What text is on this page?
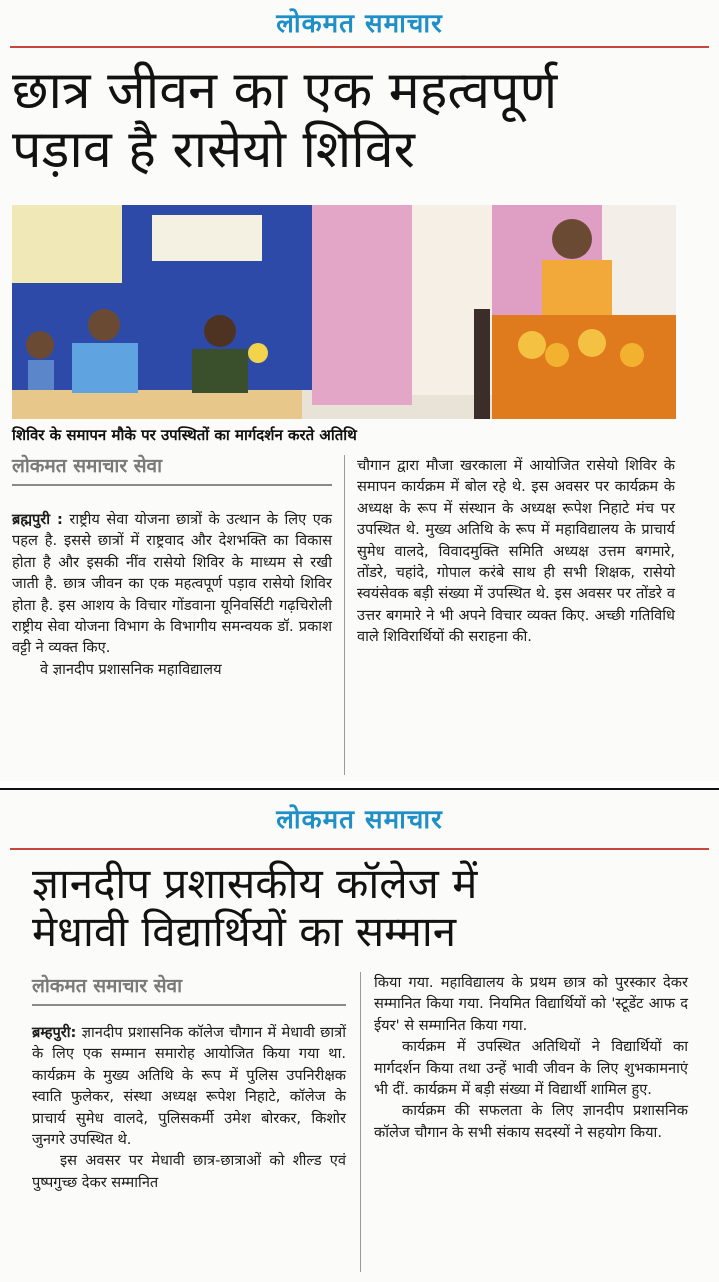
लोकमत समाचार
छात्र जीवन का एक महत्वपूर्ण
पड़ाव है रासेयो शिविर
शिविर के समापन मौके पर उपस्थितों का मार्गदर्शन करते अतिथि
लोकमत समाचार सेवा

ब्रह्मपुरी : राष्ट्रीय सेवा योजना छात्रों के उत्थान के लिए एक पहल है. इससे छात्रों में राष्ट्रवाद और देशभक्ति का विकास होता है और इसकी नींव रासेयो शिविर के माध्यम से रखी जाती है. छात्र जीवन का एक महत्वपूर्ण पड़ाव रासेयो शिविर होता है. इस आशय के विचार गोंडवाना यूनिवर्सिटी गढ़चिरोली राष्ट्रीय सेवा योजना विभाग के विभागीय समन्वयक डॉ. प्रकाश वट्टी ने व्यक्त किए.

वे ज्ञानदीप प्रशासनिक महाविद्यालय

चौगान द्वारा मौजा खरकाला में आयोजित रासेयो शिविर के समापन कार्यक्रम में बोल रहे थे. इस अवसर पर कार्यक्रम के अध्यक्ष के रूप में संस्थान के अध्यक्ष रूपेश निहाटे मंच पर उपस्थित थे. मुख्य अतिथि के रूप में महाविद्यालय के प्राचार्य सुमेध वालदे, विवादमुक्ति समिति अध्यक्ष उत्तम बगमारे, तोंडरे, चहांदे, गोपाल करंबे साथ ही सभी शिक्षक, रासेयो स्वयंसेवक बड़ी संख्या में उपस्थित थे. इस अवसर पर तोंडरे व उत्तर बगमारे ने भी अपने विचार व्यक्त किए. अच्छी गतिविधि वाले शिविरार्थियों की सराहना की.

लोकमत समाचार
ज्ञानदीप प्रशासकीय कॉलेज में
मेधावी विद्यार्थियों का सम्मान
लोकमत समाचार सेवा

ब्रम्हपुरी: ज्ञानदीप प्रशासनिक कॉलेज चौगान में मेधावी छात्रों के लिए एक सम्मान समारोह आयोजित किया गया था. कार्यक्रम के मुख्य अतिथि के रूप में पुलिस उपनिरीक्षक स्वाति फुलेकर, संस्था अध्यक्ष रूपेश निहाटे, कॉलेज के प्राचार्य सुमेध वालदे, पुलिसकर्मी उमेश बोरकर, किशोर जुनगरे उपस्थित थे.

इस अवसर पर मेधावी छात्र-छात्राओं को शील्ड एवं पुष्पगुच्छ देकर सम्मानित

किया गया. महाविद्यालय के प्रथम छात्र को पुरस्कार देकर सम्मानित किया गया. नियमित विद्यार्थियों को 'स्टूडेंट आफ द ईयर' से सम्मानित किया गया.

कार्यक्रम में उपस्थित अतिथियों ने विद्यार्थियों का मार्गदर्शन किया तथा उन्हें भावी जीवन के लिए शुभकामनाएं भी दीं. कार्यक्रम में बड़ी संख्या में विद्यार्थी शामिल हुए.

कार्यक्रम की सफलता के लिए ज्ञानदीप प्रशासनिक कॉलेज चौगान के सभी संकाय सदस्यों ने सहयोग किया.
